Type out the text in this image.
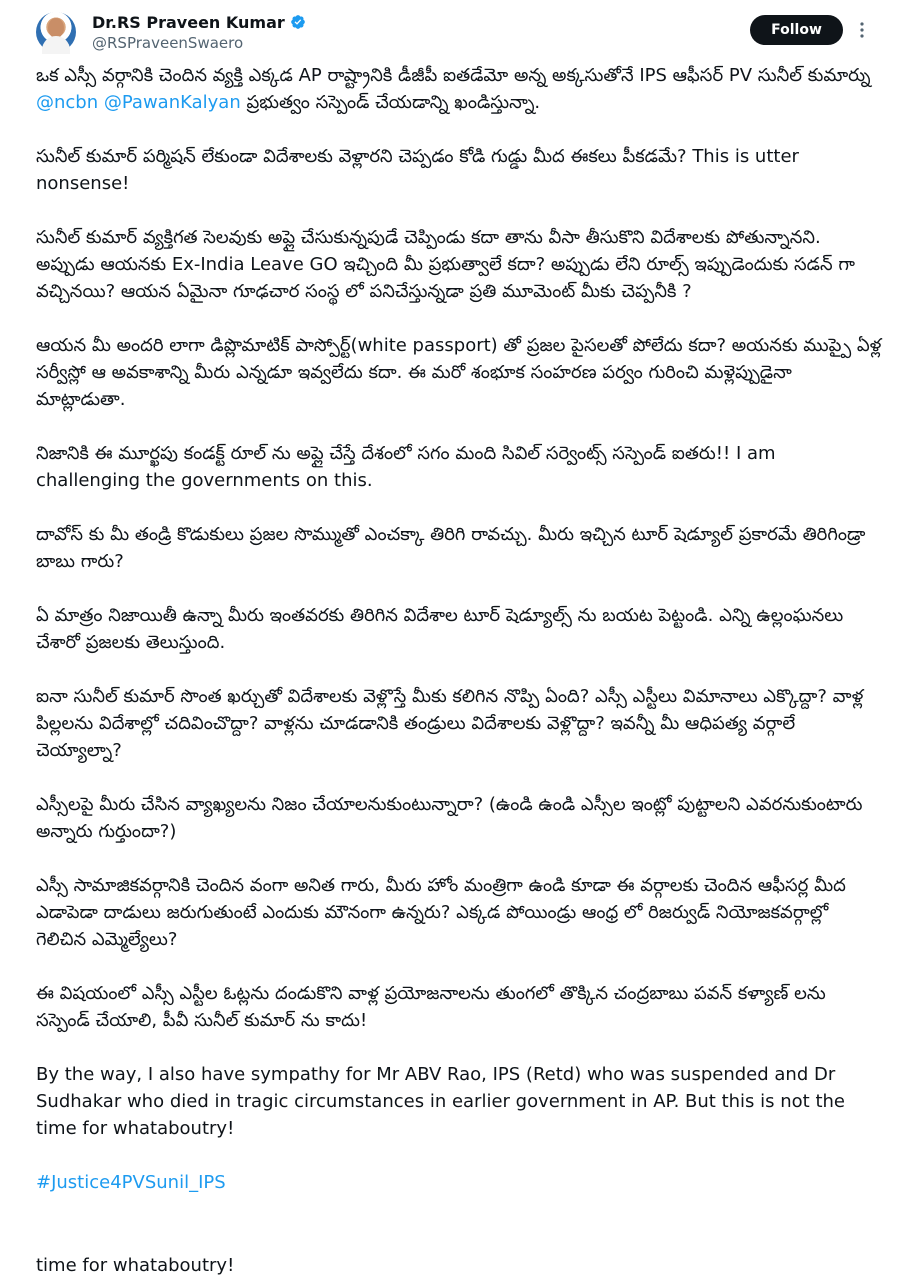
Dr.RS Praveen Kumar
@RSPraveenSwaero
Follow

ఒక ఎస్సీ వర్గానికి చెందిన వ్యక్తి ఎక్కడ AP రాష్ట్రానికి డీజీపీ ఐతడేమో అన్న అక్కసుతోనే IPS ఆఫీసర్ PV సునీల్ కుమార్ను @ncbn @PawanKalyan ప్రభుత్వం సస్పెండ్ చేయడాన్ని ఖండిస్తున్నా.

సునీల్ కుమార్ పర్మిషన్ లేకుండా విదేశాలకు వెళ్లారని చెప్పడం కోడి గుడ్డు మీద ఈకలు పీకడమే? This is utter nonsense!

సునీల్ కుమార్ వ్యక్తిగత సెలవుకు అప్లై చేసుకున్నపుడే చెప్పిండు కదా తాను వీసా తీసుకొని విదేశాలకు పోతున్నానని. అప్పుడు ఆయనకు Ex-India Leave GO ఇచ్చింది మీ ప్రభుత్వాలే కదా? అప్పుడు లేని రూల్స్ ఇప్పుడెందుకు సడన్ గా వచ్చినయి? ఆయన ఏమైనా గూఢచార సంస్థ లో పనిచేస్తున్నడా ప్రతి మూమెంట్ మీకు చెప్పనీకి ?

ఆయన మీ అందరి లాగా డిప్లొమాటిక్ పాస్పోర్ట్(white passport) తో ప్రజల పైసలతో పోలేదు కదా? అయనకు ముప్పై ఏళ్ల సర్వీస్లో ఆ అవకాశాన్ని మీరు ఎన్నడూ ఇవ్వలేదు కదా. ఈ మరో శంభూక సంహరణ పర్వం గురించి మళ్లెప్పుడైనా మాట్లాడుతా.

నిజానికి ఈ మూర్ఖపు కండక్ట్ రూల్ ను అప్లై చేస్తే దేశంలో సగం మంది సివిల్ సర్వెంట్స్ సస్పెండ్ ఐతరు!! I am challenging the governments on this.

దావోస్ కు మీ తండ్రి కొడుకులు ప్రజల సొమ్ముతో ఎంచక్కా తిరిగి రావచ్చు. మీరు ఇచ్చిన టూర్ షెడ్యూల్ ప్రకారమే తిరిగిండ్రా బాబు గారు?

ఏ మాత్రం నిజాయితీ ఉన్నా మీరు ఇంతవరకు తిరిగిన విదేశాల టూర్ షెడ్యూల్స్ ను బయట పెట్టండి. ఎన్ని ఉల్లంఘనలు చేశారో ప్రజలకు తెలుస్తుంది.

ఐనా సునీల్ కుమార్ సొంత ఖర్చుతో విదేశాలకు వెళ్లొస్తే మీకు కలిగిన నొప్పి ఏంది? ఎస్సీ ఎస్టీలు విమానాలు ఎక్కొద్దా? వాళ్ల పిల్లలను విదేశాల్లో చదివించొద్దా? వాళ్లను చూడడానికి తండ్రులు విదేశాలకు వెళ్లొద్దా? ఇవన్నీ మీ ఆధిపత్య వర్గాలే చెయ్యాల్నా?

ఎస్సీలపై మీరు చేసిన వ్యాఖ్యలను నిజం చేయాలనుకుంటున్నారా? (ఉండి ఉండి ఎస్సీల ఇంట్లో పుట్టాలని ఎవరనుకుంటారు అన్నారు గుర్తుందా?)

ఎస్సీ సామాజికవర్గానికి చెందిన వంగా అనిత గారు, మీరు హోం మంత్రిగా ఉండి కూడా ఈ వర్గాలకు చెందిన ఆఫీసర్ల మీద ఎడాపెడా దాడులు జరుగుతుంటే ఎందుకు మౌనంగా ఉన్నరు? ఎక్కడ పోయిండ్రు ఆంధ్ర లో రిజర్వుడ్ నియోజకవర్గాల్లో గెలిచిన ఎమ్మెల్యేలు?

ఈ విషయంలో ఎస్సీ ఎస్టీల ఓట్లను దండుకొని వాళ్ల ప్రయోజనాలను తుంగలో తొక్కిన చంద్రబాబు పవన్ కళ్యాణ్ లను సస్పెండ్ చేయాలి, పీవీ సునీల్ కుమార్ ను కాదు!

By the way, I also have sympathy for Mr ABV Rao, IPS (Retd) who was suspended and Dr Sudhakar who died in tragic circumstances in earlier government in AP. But this is not the time for whataboutry!

#Justice4PVSunil_IPS

time for whataboutry!
